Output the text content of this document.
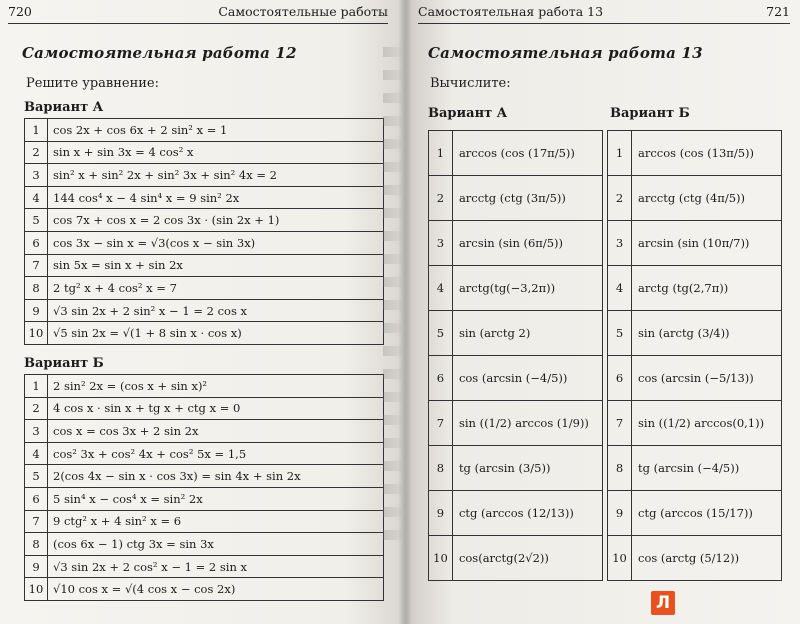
720	Самостоятельные работы
Самостоятельная работа 12
Решите уравнение:
Вариант А
1	cos 2x + cos 6x + 2 sin² x = 1
2	sin x + sin 3x = 4 cos² x
3	sin² x + sin² 2x + sin² 3x + sin² 4x = 2
4	144 cos⁴ x − 4 sin⁴ x = 9 sin² 2x
5	cos 7x + cos x = 2 cos 3x · (sin 2x + 1)
6	cos 3x − sin x = √3(cos x − sin 3x)
7	sin 5x = sin x + sin 2x
8	2 tg² x + 4 cos² x = 7
9	√3 sin 2x + 2 sin² x − 1 = 2 cos x
10	√5 sin 2x = √(1 + 8 sin x · cos x)
Вариант Б
1	2 sin² 2x = (cos x + sin x)²
2	4 cos x · sin x + tg x + ctg x = 0
3	cos x = cos 3x + 2 sin 2x
4	cos² 3x + cos² 4x + cos² 5x = 1,5
5	2(cos 4x − sin x · cos 3x) = sin 4x + sin 2x
6	5 sin⁴ x − cos⁴ x = sin² 2x
7	9 ctg² x + 4 sin² x = 6
8	(cos 6x − 1) ctg 3x = sin 3x
9	√3 sin 2x + 2 cos² x − 1 = 2 sin x
10	√10 cos x = √(4 cos x − cos 2x)
Самостоятельная работа 13	721
Самостоятельная работа 13
Вычислите:
Вариант А	Вариант Б
1	arccos (cos (17π/5))		1	arccos (cos (13π/5))
2	arcctg (ctg (3π/5))		2	arcctg (ctg (4π/5))
3	arcsin (sin (6π/5))		3	arcsin (sin (10π/7))
4	arctg(tg(−3,2π))		4	arctg (tg(2,7π))
5	sin (arctg 2)		5	sin (arctg (3/4))
6	cos (arcsin (−4/5))		6	cos (arcsin (−5/13))
7	sin ((1/2) arccos (1/9))		7	sin ((1/2) arccos(0,1))
8	tg (arcsin (3/5))		8	tg (arcsin (−4/5))
9	ctg (arccos (12/13))		9	ctg (arccos (15/17))
10	cos(arctg(2√2))		10	cos (arctg (5/12))
Л
